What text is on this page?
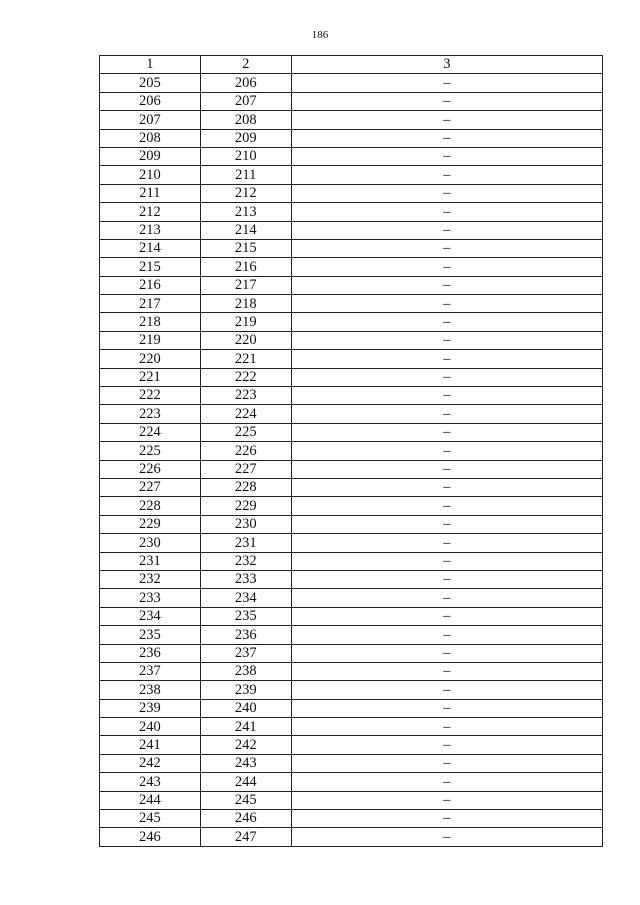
186
1	2	3
205	206	–
206	207	–
207	208	–
208	209	–
209	210	–
210	211	–
211	212	–
212	213	–
213	214	–
214	215	–
215	216	–
216	217	–
217	218	–
218	219	–
219	220	–
220	221	–
221	222	–
222	223	–
223	224	–
224	225	–
225	226	–
226	227	–
227	228	–
228	229	–
229	230	–
230	231	–
231	232	–
232	233	–
233	234	–
234	235	–
235	236	–
236	237	–
237	238	–
238	239	–
239	240	–
240	241	–
241	242	–
242	243	–
243	244	–
244	245	–
245	246	–
246	247	–
